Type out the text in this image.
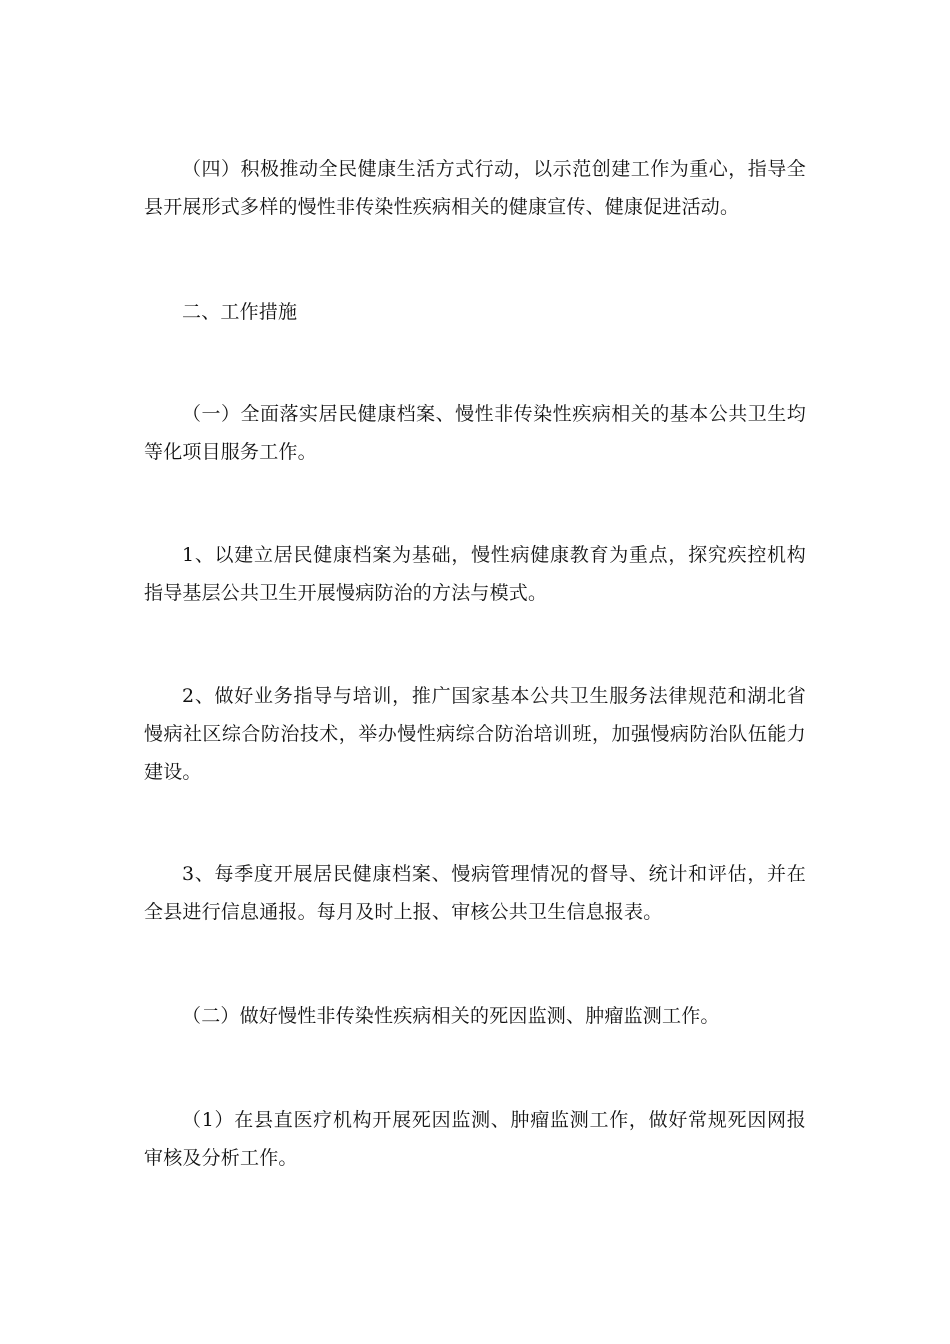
（四）积极推动全民健康生活方式行动，以示范创建工作为重心，指导全县开展形式多样的慢性非传染性疾病相关的健康宣传、健康促进活动。

二、工作措施

（一）全面落实居民健康档案、慢性非传染性疾病相关的基本公共卫生均等化项目服务工作。

1、以建立居民健康档案为基础，慢性病健康教育为重点，探究疾控机构指导基层公共卫生开展慢病防治的方法与模式。

2、做好业务指导与培训，推广国家基本公共卫生服务法律规范和湖北省慢病社区综合防治技术，举办慢性病综合防治培训班，加强慢病防治队伍能力建设。

3、每季度开展居民健康档案、慢病管理情况的督导、统计和评估，并在全县进行信息通报。每月及时上报、审核公共卫生信息报表。

（二）做好慢性非传染性疾病相关的死因监测、肿瘤监测工作。

（1）在县直医疗机构开展死因监测、肿瘤监测工作，做好常规死因网报审核及分析工作。
